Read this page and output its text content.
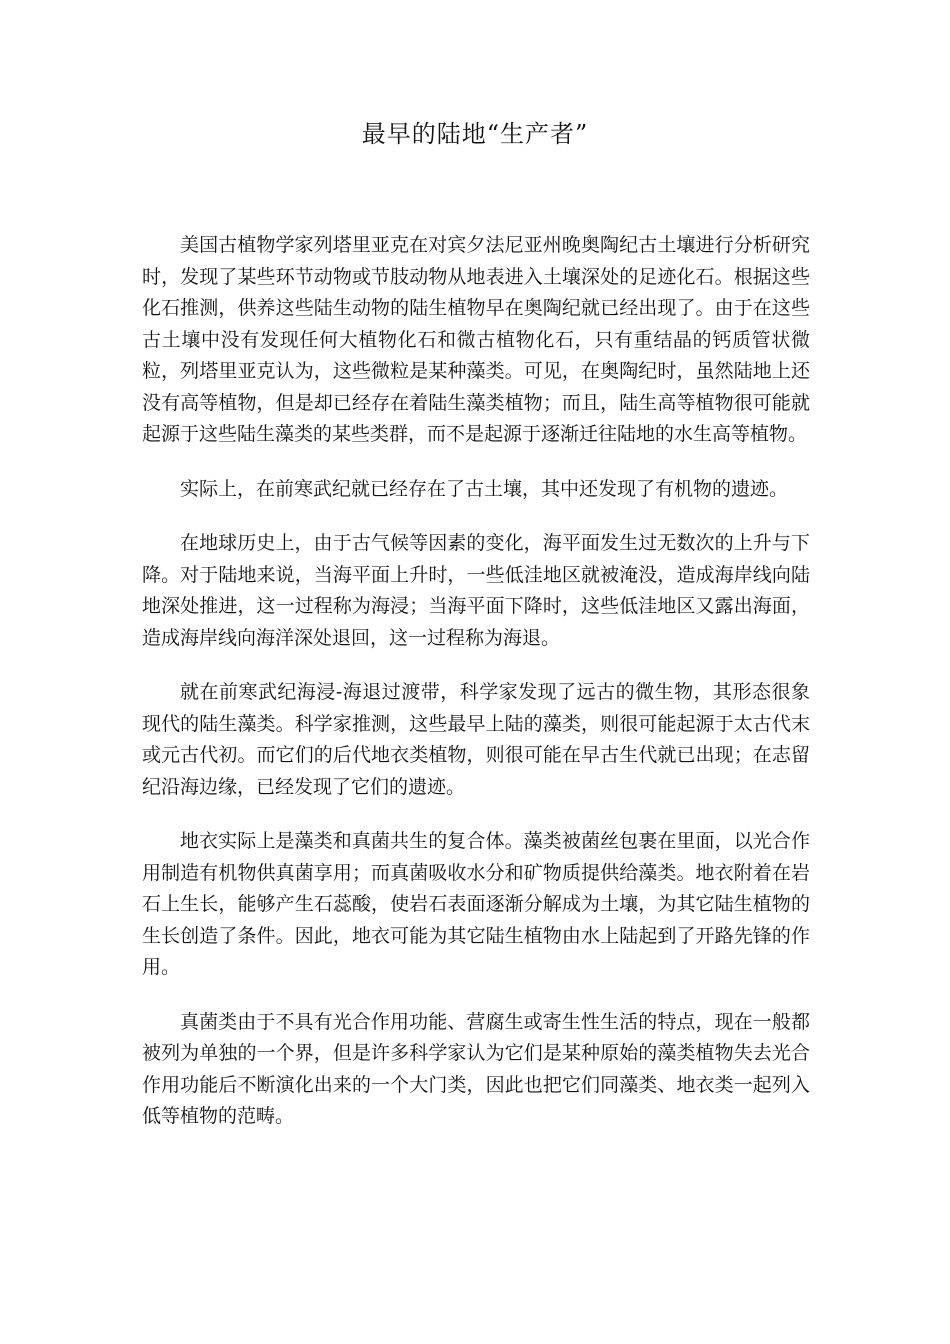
最早的陆地“生产者”

美国古植物学家列塔里亚克在对宾夕法尼亚州晚奥陶纪古土壤进行分析研究时，发现了某些环节动物或节肢动物从地表进入土壤深处的足迹化石。根据这些化石推测，供养这些陆生动物的陆生植物早在奥陶纪就已经出现了。由于在这些古土壤中没有发现任何大植物化石和微古植物化石，只有重结晶的钙质管状微粒，列塔里亚克认为，这些微粒是某种藻类。可见，在奥陶纪时，虽然陆地上还没有高等植物，但是却已经存在着陆生藻类植物；而且，陆生高等植物很可能就起源于这些陆生藻类的某些类群，而不是起源于逐渐迁往陆地的水生高等植物。

实际上，在前寒武纪就已经存在了古土壤，其中还发现了有机物的遗迹。

在地球历史上，由于古气候等因素的变化，海平面发生过无数次的上升与下降。对于陆地来说，当海平面上升时，一些低洼地区就被淹没，造成海岸线向陆地深处推进，这一过程称为海浸；当海平面下降时，这些低洼地区又露出海面，造成海岸线向海洋深处退回，这一过程称为海退。

就在前寒武纪海浸-海退过渡带，科学家发现了远古的微生物，其形态很象现代的陆生藻类。科学家推测，这些最早上陆的藻类，则很可能起源于太古代末或元古代初。而它们的后代地衣类植物，则很可能在早古生代就已出现；在志留纪沿海边缘，已经发现了它们的遗迹。

地衣实际上是藻类和真菌共生的复合体。藻类被菌丝包裹在里面，以光合作用制造有机物供真菌享用；而真菌吸收水分和矿物质提供给藻类。地衣附着在岩石上生长，能够产生石蕊酸，使岩石表面逐渐分解成为土壤，为其它陆生植物的生长创造了条件。因此，地衣可能为其它陆生植物由水上陆起到了开路先锋的作用。

真菌类由于不具有光合作用功能、营腐生或寄生性生活的特点，现在一般都被列为单独的一个界，但是许多科学家认为它们是某种原始的藻类植物失去光合作用功能后不断演化出来的一个大门类，因此也把它们同藻类、地衣类一起列入低等植物的范畴。
